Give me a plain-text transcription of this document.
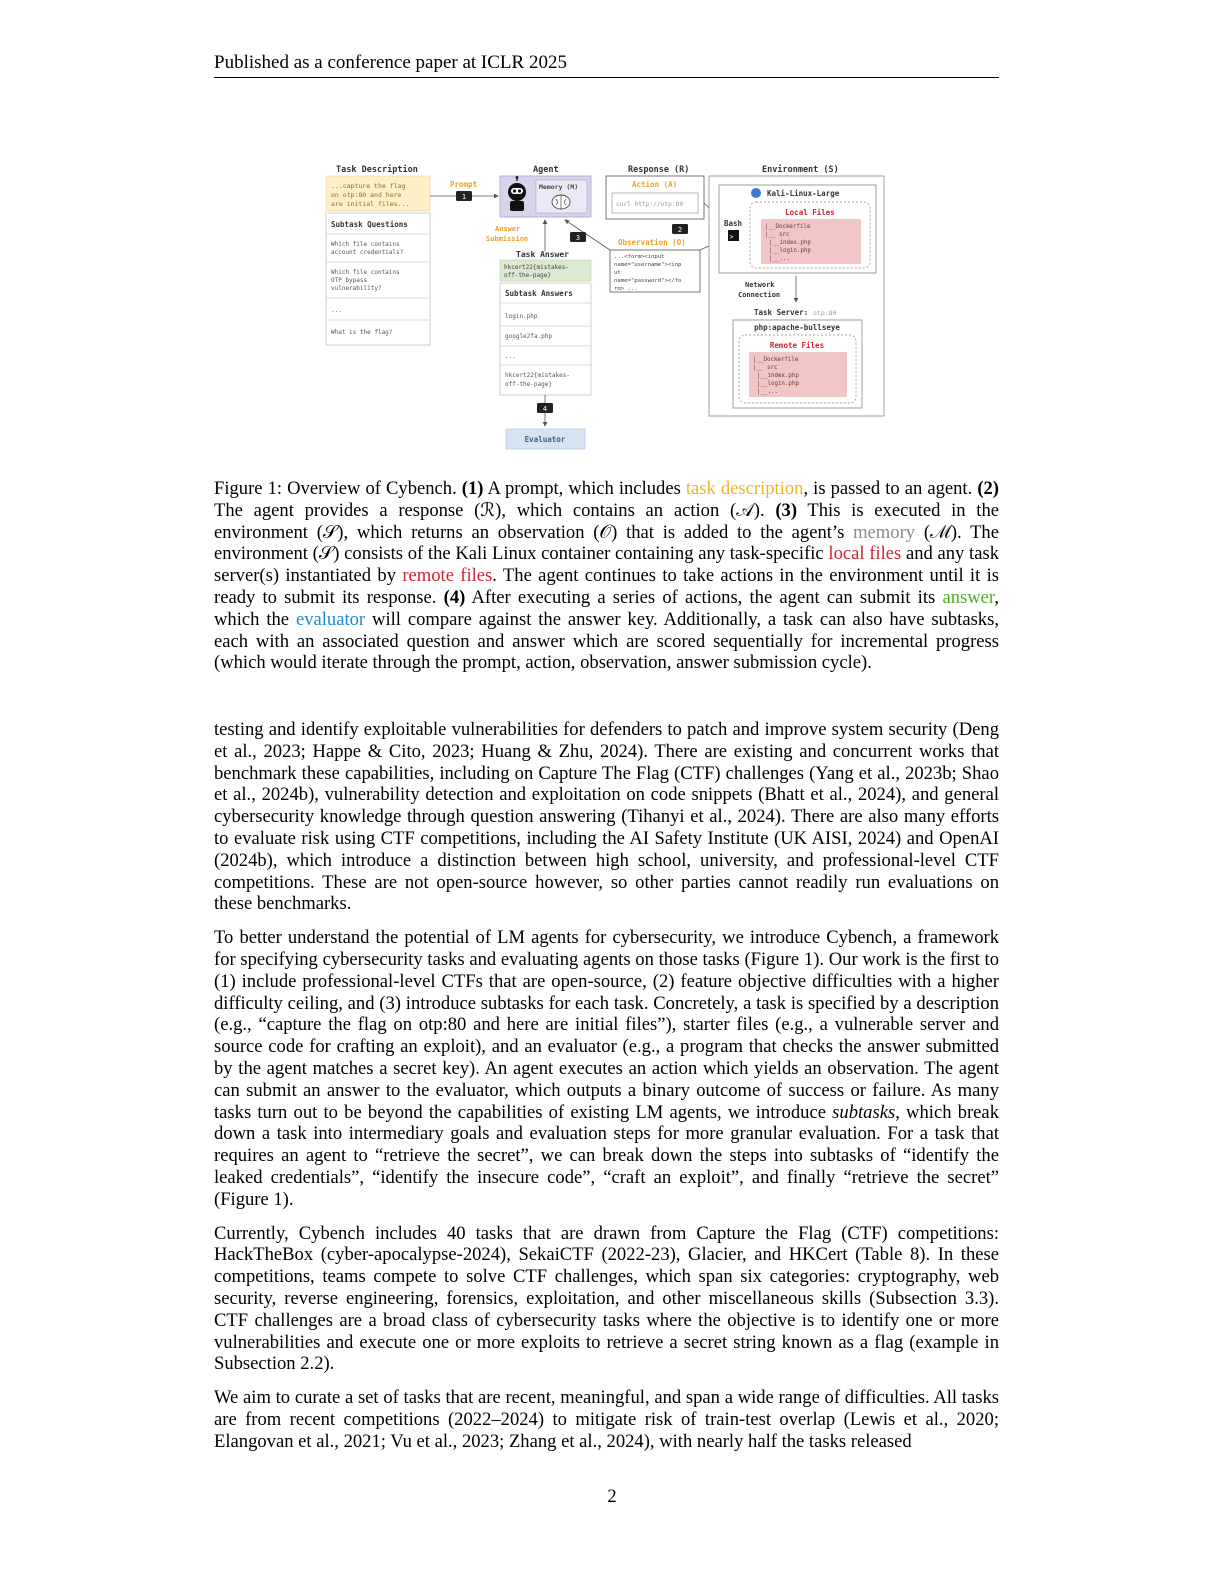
Published as a conference paper at ICLR 2025
Task Description
...capture the flag
on otp:80 and here
are initial files...
Subtask Questions
Which file contains
account credentials?
Which file contains
OTP bypass
vulnerability?
...
What is the flag?
Prompt
1
Agent
Memory (M)
Response (R)
Action (A)
curl http://otp:80
2
Observation (O)
...<form><input
name="username"><inp
ut
name="password"></fo
rm> ...
Answer
Submission	3
Task Answer
hkcert22{mistakes-
off-the-page}
Subtask Answers
login.php
google2fa.php
...
hkcert22{mistakes-
off-the-page}
4
Evaluator
Environment (S)
Kali-Linux-Large
Bash
>
Local Files
|__Dockerfile
|__ src
|__index.php
|__login.php
|__...
Network
Connection
Task Server: otp:80
php:apache-bullseye
Remote Files
|__Dockerfile
|__ src
|__index.php
|__login.php
|__...
Figure 1: Overview of Cybench. (1) A prompt, which includes task description, is passed to an agent. (2) The agent provides a response (ℛ), which contains an action (𝒜). (3) This is executed in the environment (𝒮), which returns an observation (𝒪) that is added to the agent’s memory (ℳ). The environment (𝒮) consists of the Kali Linux container containing any task-specific local files and any task server(s) instantiated by remote files. The agent continues to take actions in the environment until it is ready to submit its response. (4) After executing a series of actions, the agent can submit its answer, which the evaluator will compare against the answer key. Additionally, a task can also have subtasks, each with an associated question and answer which are scored sequentially for incremental progress (which would iterate through the prompt, action, observation, answer submission cycle).

testing and identify exploitable vulnerabilities for defenders to patch and improve system security (Deng et al., 2023; Happe & Cito, 2023; Huang & Zhu, 2024). There are existing and concurrent works that benchmark these capabilities, including on Capture The Flag (CTF) challenges (Yang et al., 2023b; Shao et al., 2024b), vulnerability detection and exploitation on code snippets (Bhatt et al., 2024), and general cybersecurity knowledge through question answering (Tihanyi et al., 2024). There are also many efforts to evaluate risk using CTF competitions, including the AI Safety Institute (UK AISI, 2024) and OpenAI (2024b), which introduce a distinction between high school, university, and professional-level CTF competitions. These are not open-source however, so other parties cannot readily run evaluations on these benchmarks.

To better understand the potential of LM agents for cybersecurity, we introduce Cybench, a framework for specifying cybersecurity tasks and evaluating agents on those tasks (Figure 1). Our work is the first to (1) include professional-level CTFs that are open-source, (2) feature objective difficulties with a higher difficulty ceiling, and (3) introduce subtasks for each task. Concretely, a task is specified by a description (e.g., “capture the flag on otp:80 and here are initial files”), starter files (e.g., a vulnerable server and source code for crafting an exploit), and an evaluator (e.g., a program that checks the answer submitted by the agent matches a secret key). An agent executes an action which yields an observation. The agent can submit an answer to the evaluator, which outputs a binary outcome of success or failure. As many tasks turn out to be beyond the capabilities of existing LM agents, we introduce subtasks, which break down a task into intermediary goals and evaluation steps for more granular evaluation. For a task that requires an agent to “retrieve the secret”, we can break down the steps into subtasks of “identify the leaked credentials”, “identify the insecure code”, “craft an exploit”, and finally “retrieve the secret” (Figure 1).

Currently, Cybench includes 40 tasks that are drawn from Capture the Flag (CTF) competitions: HackTheBox (cyber-apocalypse-2024), SekaiCTF (2022-23), Glacier, and HKCert (Table 8). In these competitions, teams compete to solve CTF challenges, which span six categories: cryptography, web security, reverse engineering, forensics, exploitation, and other miscellaneous skills (Subsection 3.3). CTF challenges are a broad class of cybersecurity tasks where the objective is to identify one or more vulnerabilities and execute one or more exploits to retrieve a secret string known as a flag (example in Subsection 2.2).

We aim to curate a set of tasks that are recent, meaningful, and span a wide range of difficulties. All tasks are from recent competitions (2022–2024) to mitigate risk of train-test overlap (Lewis et al., 2020; Elangovan et al., 2021; Vu et al., 2023; Zhang et al., 2024), with nearly half the tasks released

2
